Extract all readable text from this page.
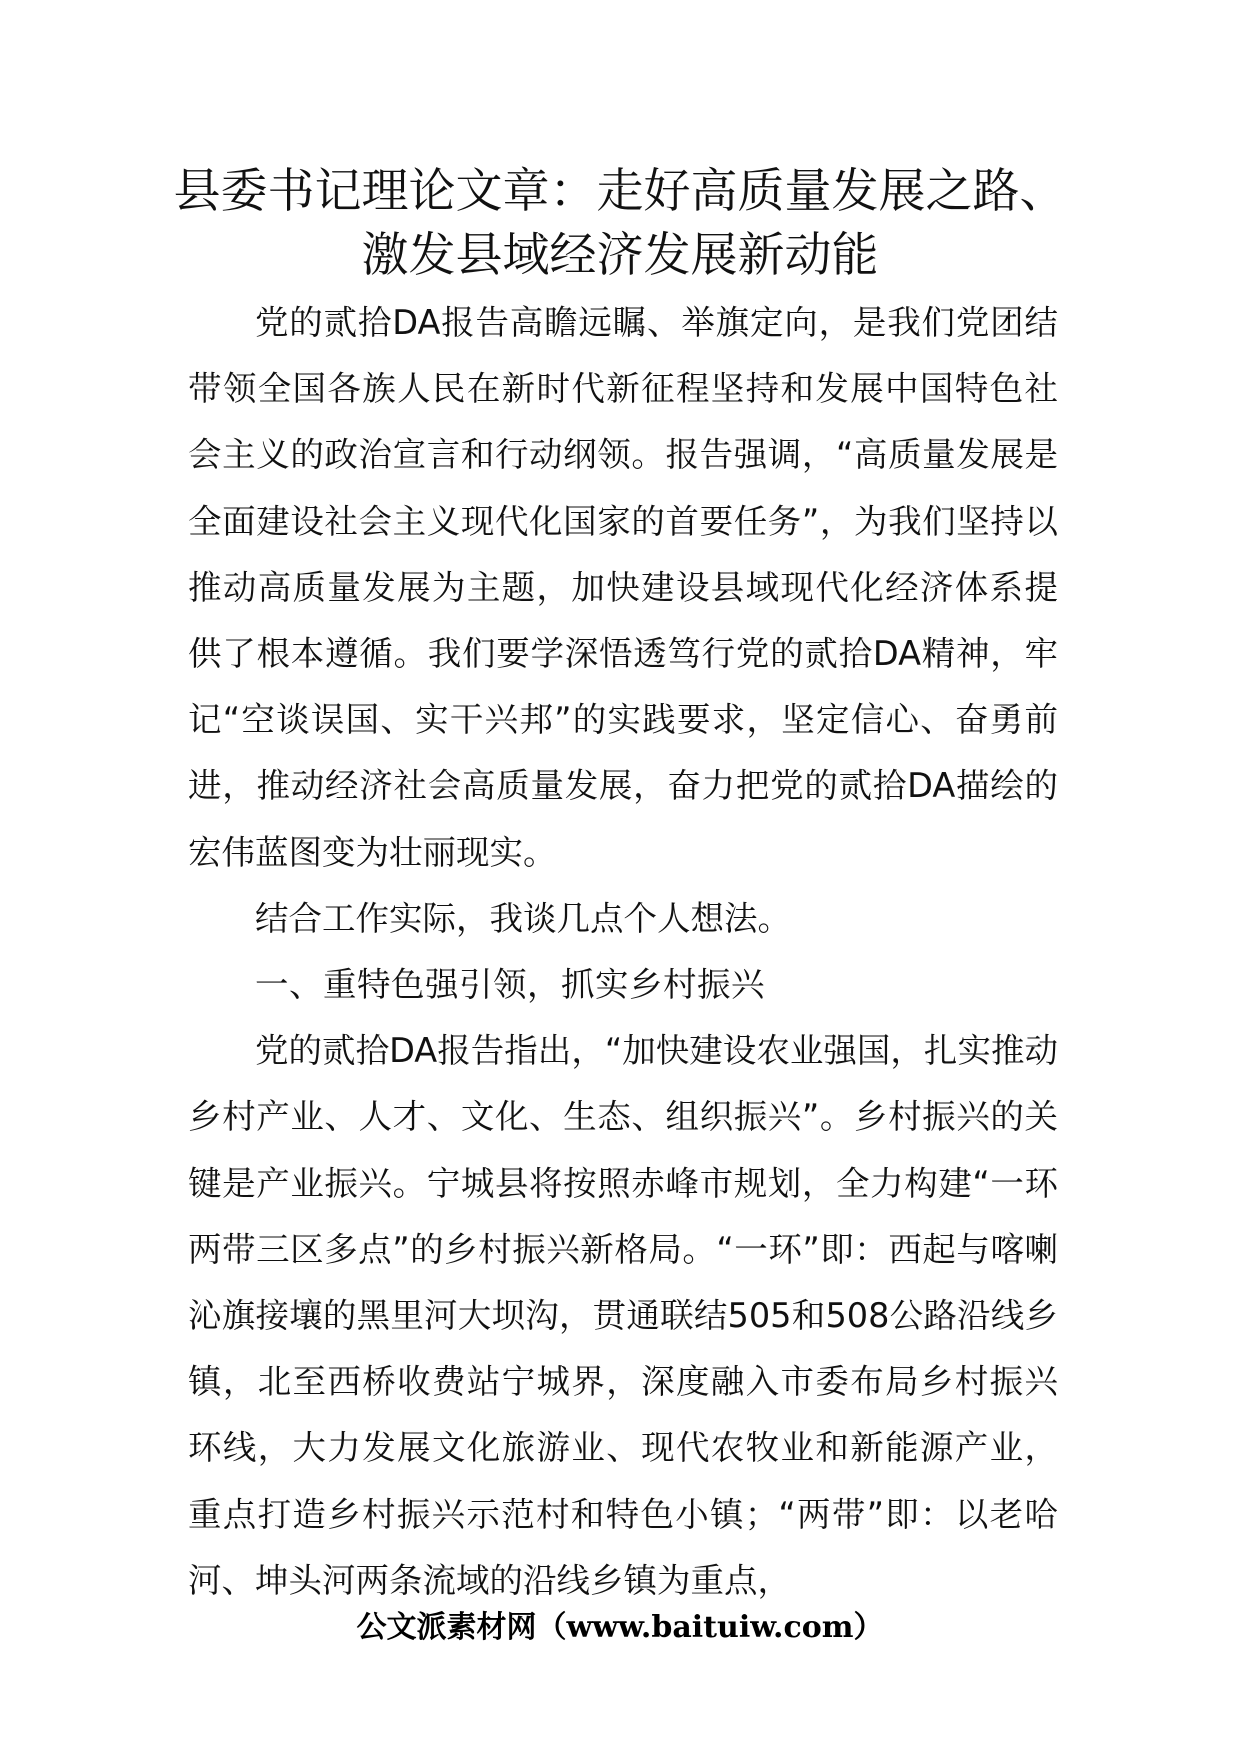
县委书记理论文章：走好高质量发展之路、
激发县域经济发展新动能

党的贰拾DA报告高瞻远瞩、举旗定向，是我们党团结带领全国各族人民在新时代新征程坚持和发展中国特色社会主义的政治宣言和行动纲领。报告强调，“高质量发展是全面建设社会主义现代化国家的首要任务”，为我们坚持以推动高质量发展为主题，加快建设县域现代化经济体系提供了根本遵循。我们要学深悟透笃行党的贰拾DA精神，牢记“空谈误国、实干兴邦”的实践要求，坚定信心、奋勇前进，推动经济社会高质量发展，奋力把党的贰拾DA描绘的宏伟蓝图变为壮丽现实。

结合工作实际，我谈几点个人想法。

一、重特色强引领，抓实乡村振兴

党的贰拾DA报告指出，“加快建设农业强国，扎实推动乡村产业、人才、文化、生态、组织振兴”。乡村振兴的关键是产业振兴。宁城县将按照赤峰市规划，全力构建“一环两带三区多点”的乡村振兴新格局。“一环”即：西起与喀喇沁旗接壤的黑里河大坝沟，贯通联结505和508公路沿线乡镇，北至西桥收费站宁城界，深度融入市委布局乡村振兴环线，大力发展文化旅游业、现代农牧业和新能源产业，重点打造乡村振兴示范村和特色小镇；“两带”即：以老哈河、坤头河两条流域的沿线乡镇为重点，

公文派素材网（www.baituiw.com）
